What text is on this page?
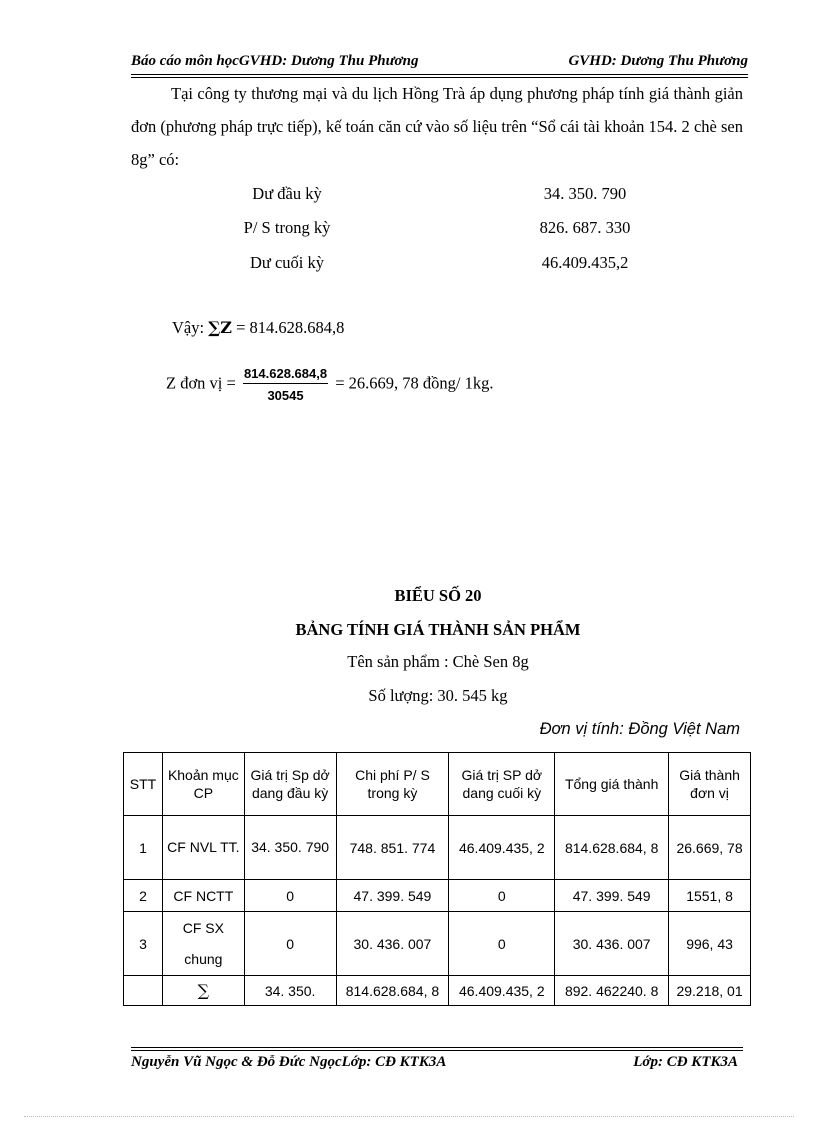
Báo cáo môn họcGVHD: Dương Thu Phương	GVHD: Dương Thu Phương

Tại công ty thương mại và du lịch Hồng Trà áp dụng phương pháp tính giá thành giản đơn (phương pháp trực tiếp), kế toán căn cứ vào số liệu trên “Sổ cái tài khoản 154. 2 chè sen 8g” có:

Dư đầu kỳ	34. 350. 790
P/ S trong kỳ	826. 687. 330
Dư cuối kỳ	46.409.435,2
Vậy: ∑Z = 814.628.684,8
Z đơn vị = $\frac{814.628.684,8}{30545} = 26.669$, 78 đồng/ 1kg.
BIỂU SỐ 20
BẢNG TÍNH GIÁ THÀNH SẢN PHẨM
Tên sản phẩm : Chè Sen 8g
Số lượng: 30. 545 kg
Đơn vị tính: Đồng Việt Nam
STT	Khoản mục CP	Giá trị Sp dở dang đầu kỳ	Chi phí P/ S trong kỳ	Giá trị SP dở dang cuối kỳ	Tổng giá thành	Giá thành đơn vị
1	CF NVL TT.	34. 350. 790	748. 851. 774	46.409.435, 2	814.628.684, 8	26.669, 78
2	CF NCTT	0	47. 399. 549	0	47. 399. 549	1551, 8
3	CF SX chung	0	30. 436. 007	0	30. 436. 007	996, 43
	∑	34. 350.	814.628.684, 8	46.409.435, 2	892. 462240. 8	29.218, 01
Nguyễn Vũ Ngọc & Đỗ Đức NgọcLớp: CĐ KTK3A	Lớp: CĐ KTK3A
